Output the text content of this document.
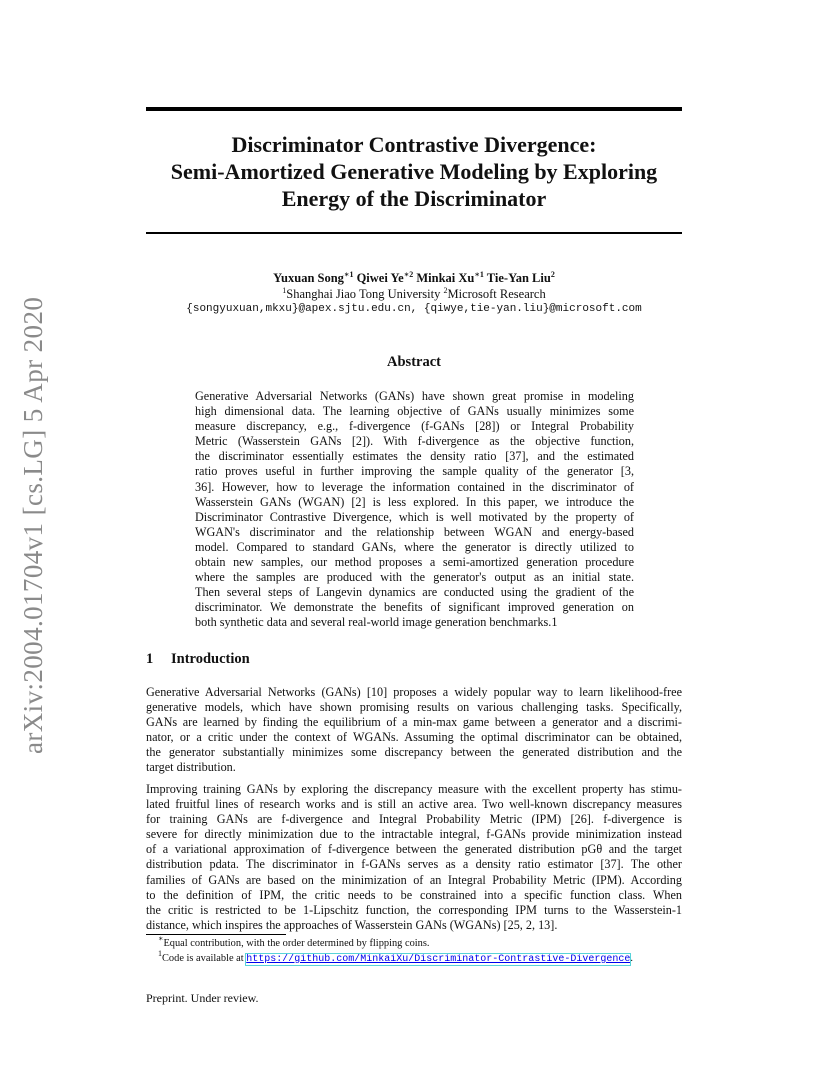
arXiv:2004.01704v1 [cs.LG] 5 Apr 2020
Discriminator Contrastive Divergence:
Semi-Amortized Generative Modeling by Exploring
Energy of the Discriminator
Yuxuan Song$^{∗1}$ Qiwei $Ye^{∗2}$ Minkai $Xu^{∗1}$ Tie-Yan Liu$^2$
$^1$Shanghai Jiao Tong University $^2$Microsoft Research
{songyuxuan,mkxu}@apex.sjtu.edu.cn, {qiwye,tie-yan.liu}@microsoft.com
Abstract
Generative Adversarial Networks (GANs) have shown great promise in modeling
high dimensional data. The learning objective of GANs usually minimizes some
measure discrepancy, e.g., f-divergence (f-GANs [28]) or Integral Probability
Metric (Wasserstein GANs [2]). With f-divergence as the objective function,
the discriminator essentially estimates the density ratio [37], and the estimated
ratio proves useful in further improving the sample quality of the generator [3,
36]. However, how to leverage the information contained in the discriminator of
Wasserstein GANs (WGAN) [2] is less explored. In this paper, we introduce the
Discriminator Contrastive Divergence, which is well motivated by the property of
WGAN's discriminator and the relationship between WGAN and energy-based
model. Compared to standard GANs, where the generator is directly utilized to
obtain new samples, our method proposes a semi-amortized generation procedure
where the samples are produced with the generator's output as an initial state.
Then several steps of Langevin dynamics are conducted using the gradient of the
discriminator. We demonstrate the benefits of significant improved generation on
both synthetic data and several real-world image generation benchmarks.1
1 Introduction
Generative Adversarial Networks (GANs) [10] proposes a widely popular way to learn likelihood-free
generative models, which have shown promising results on various challenging tasks. Specifically,
GANs are learned by finding the equilibrium of a min-max game between a generator and a discrimi-
nator, or a critic under the context of WGANs. Assuming the optimal discriminator can be obtained,
the generator substantially minimizes some discrepancy between the generated distribution and the
target distribution.
Improving training GANs by exploring the discrepancy measure with the excellent property has stimu-
lated fruitful lines of research works and is still an active area. Two well-known discrepancy measures
for training GANs are f-divergence and Integral Probability Metric (IPM) [26]. f-divergence is
severe for directly minimization due to the intractable integral, f-GANs provide minimization instead
of a variational approximation of f-divergence between the generated distribution pGθ and the target
distribution pdata. The discriminator in f-GANs serves as a density ratio estimator [37]. The other
families of GANs are based on the minimization of an Integral Probability Metric (IPM). According
to the definition of IPM, the critic needs to be constrained into a specific function class. When
the critic is restricted to be 1-Lipschitz function, the corresponding IPM turns to the Wasserstein-1
distance, which inspires the approaches of Wasserstein GANs (WGANs) [25, 2, 13].
∗Equal contribution, with the order determined by flipping coins.
$^1$Code is available at https://github.com/MinkaiXu/Discriminator-Contrastive-Divergence.
Preprint. Under review.
